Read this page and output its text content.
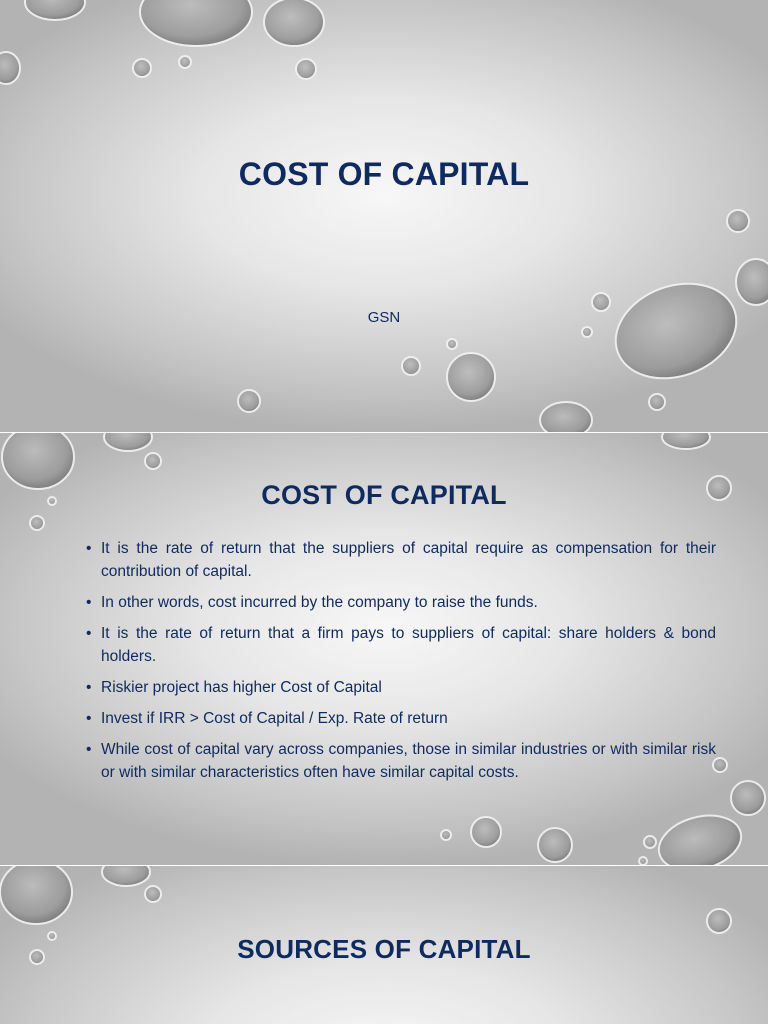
COST OF CAPITAL
GSN
COST OF CAPITAL
• It is the rate of return that the suppliers of capital require as compensation for their contribution of capital.
• In other words, cost incurred by the company to raise the funds.
• It is the rate of return that a firm pays to suppliers of capital: share holders & bond holders.
• Riskier project has higher Cost of Capital
• Invest if IRR > Cost of Capital / Exp. Rate of return
• While cost of capital vary across companies, those in similar industries or with similar risk or with similar characteristics often have similar capital costs.
SOURCES OF CAPITAL
